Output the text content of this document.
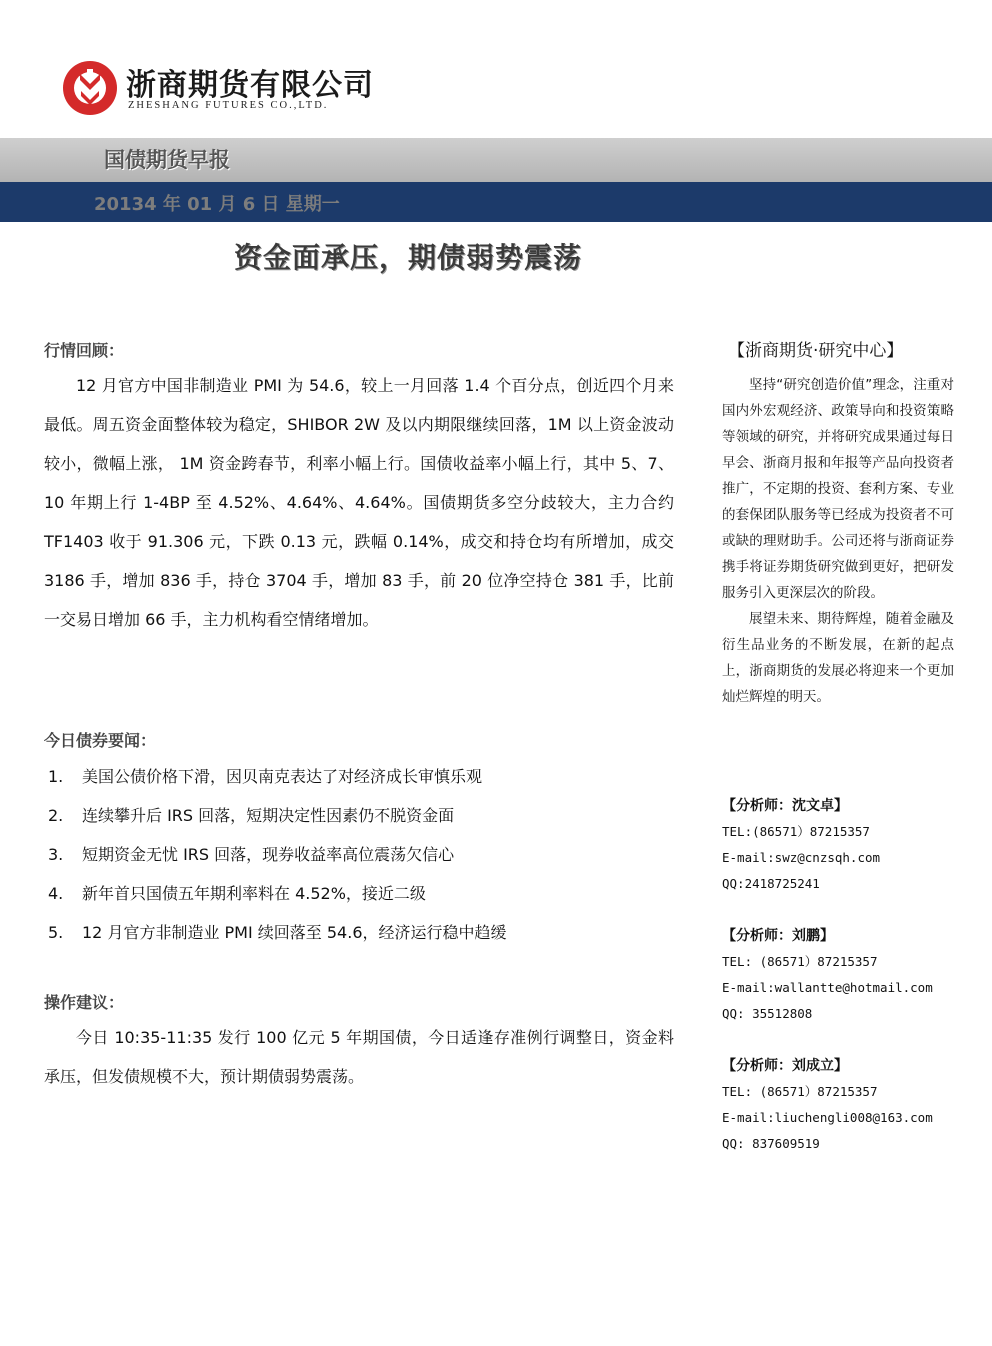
浙商期货有限公司
ZHESHANG FUTURES CO.,LTD.
国债期货早报
20134 年 01 月 6 日 星期一
资金面承压，期债弱势震荡
行情回顾：

12 月官方中国非制造业 PMI 为 54.6，较上一月回落 1.4 个百分点，创近四个月来最低。周五资金面整体较为稳定，SHIBOR 2W 及以内期限继续回落，1M 以上资金波动较小，微幅上涨， 1M 资金跨春节，利率小幅上行。国债收益率小幅上行，其中 5、7、10 年期上行 1-4BP 至 4.52%、4.64%、4.64%。国债期货多空分歧较大，主力合约 TF1403 收于 91.306 元，下跌 0.13 元，跌幅 0.14%，成交和持仓均有所增加，成交 3186 手，增加 836 手，持仓 3704 手，增加 83 手，前 20 位净空持仓 381 手，比前一交易日增加 66 手，主力机构看空情绪增加。

今日债券要闻：
1. 美国公债价格下滑，因贝南克表达了对经济成长审慎乐观
2. 连续攀升后 IRS 回落，短期决定性因素仍不脱资金面
3. 短期资金无忧 IRS 回落，现券收益率高位震荡欠信心
4. 新年首只国债五年期利率料在 4.52%，接近二级
5. 12 月官方非制造业 PMI 续回落至 54.6，经济运行稳中趋缓
操作建议：

今日 10:35-11:35 发行 100 亿元 5 年期国债，今日适逢存准例行调整日，资金料承压，但发债规模不大，预计期债弱势震荡。

【浙商期货·研究中心】

坚持“研究创造价值”理念，注重对国内外宏观经济、政策导向和投资策略等领域的研究，并将研究成果通过每日早会、浙商月报和年报等产品向投资者推广，不定期的投资、套利方案、专业的套保团队服务等已经成为投资者不可或缺的理财助手。公司还将与浙商证券携手将证券期货研究做到更好，把研发服务引入更深层次的阶段。

展望未来、期待辉煌，随着金融及衍生品业务的不断发展，在新的起点上，浙商期货的发展必将迎来一个更加灿烂辉煌的明天。

【分析师：沈文卓】
TEL:(86571）87215357
E-mail:swz@cnzsqh.com
QQ:2418725241
【分析师：刘鹏】
TEL: (86571）87215357
E-mail:wallantte@hotmail.com
QQ: 35512808
【分析师：刘成立】
TEL: (86571）87215357
E-mail:liuchengli008@163.com
QQ: 837609519
